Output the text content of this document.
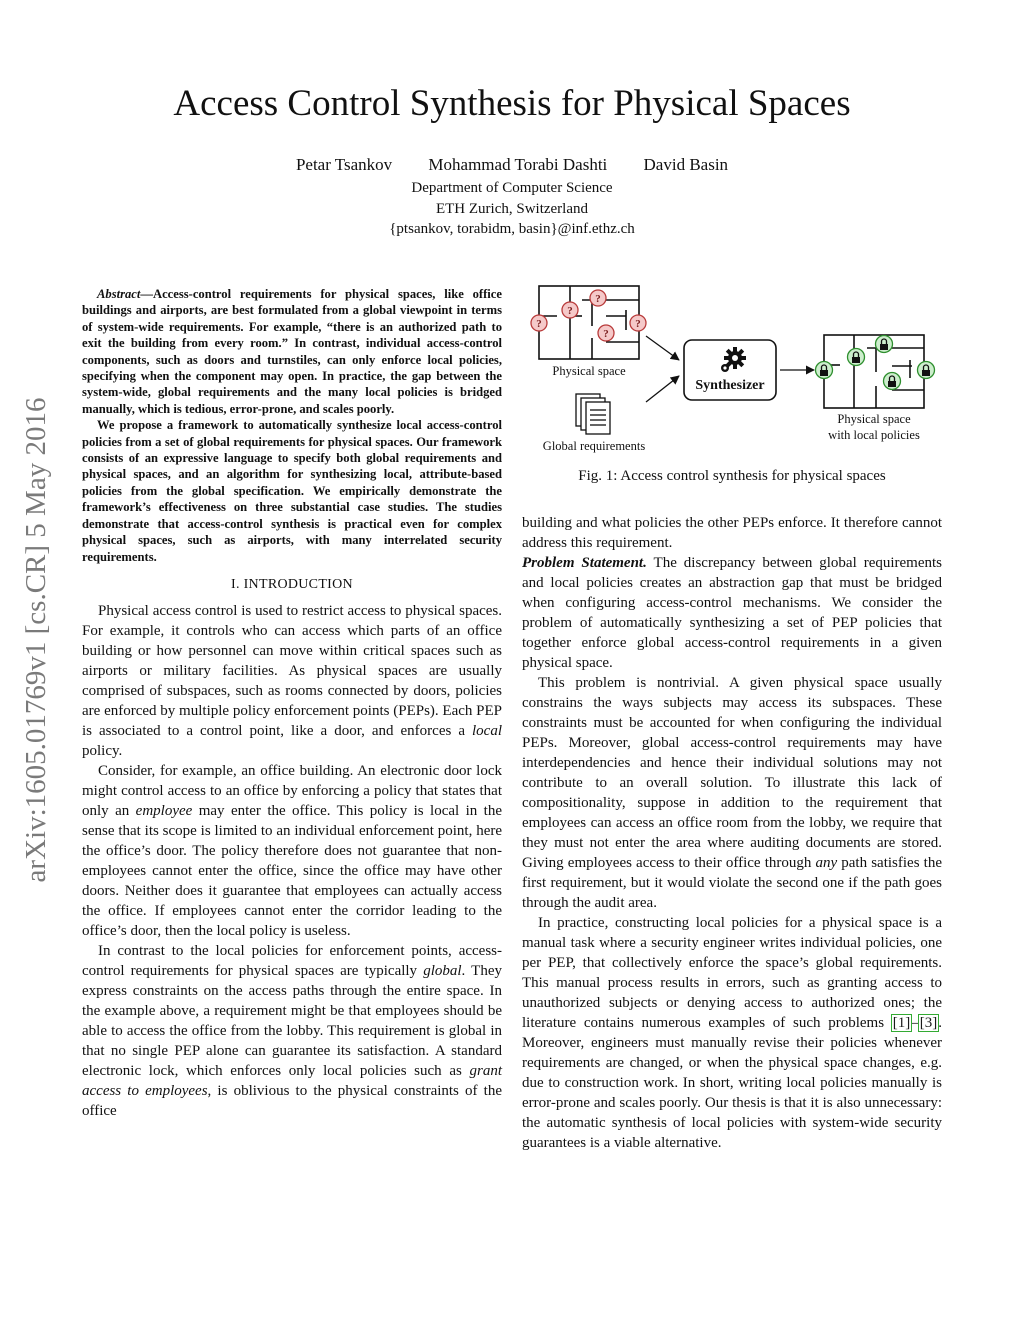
arXiv:1605.01769v1 [cs.CR] 5 May 2016
Access Control Synthesis for Physical Spaces
Petar Tsankov Mohammad Torabi Dashti David Basin
Department of Computer Science
ETH Zurich, Switzerland
{ptsankov, torabidm, basin}@inf.ethz.ch

Abstract—Access-control requirements for physical spaces, like office buildings and airports, are best formulated from a global viewpoint in terms of system-wide requirements. For example, “there is an authorized path to exit the building from every room.” In contrast, individual access-control components, such as doors and turnstiles, can only enforce local policies, specifying when the component may open. In practice, the gap between the system-wide, global requirements and the many local policies is bridged manually, which is tedious, error-prone, and scales poorly.

We propose a framework to automatically synthesize local access-control policies from a set of global requirements for physical spaces. Our framework consists of an expressive language to specify both global requirements and physical spaces, and an algorithm for synthesizing local, attribute-based policies from the global specification. We empirically demonstrate the framework’s effectiveness on three substantial case studies. The studies demonstrate that access-control synthesis is practical even for complex physical spaces, such as airports, with many interrelated security requirements.

I. INTRODUCTION

Physical access control is used to restrict access to physical spaces. For example, it controls who can access which parts of an office building or how personnel can move within critical spaces such as airports or military facilities. As physical spaces are usually comprised of subspaces, such as rooms connected by doors, policies are enforced by multiple policy enforcement points (PEPs). Each PEP is associated to a control point, like a door, and enforces a local policy.

Consider, for example, an office building. An electronic door lock might control access to an office by enforcing a policy that states that only an employee may enter the office. This policy is local in the sense that its scope is limited to an individual enforcement point, here the office’s door. The policy therefore does not guarantee that non-employees cannot enter the office, since the office may have other doors. Neither does it guarantee that employees can actually access the office. If employees cannot enter the corridor leading to the office’s door, then the local policy is useless.

In contrast to the local policies for enforcement points, access-control requirements for physical spaces are typically global. They express constraints on the access paths through the entire space. In the example above, a requirement might be that employees should be able to access the office from the lobby. This requirement is global in that no single PEP alone can guarantee its satisfaction. A standard electronic lock, which enforces only local policies such as grant access to employees, is oblivious to the physical constraints of the office

?
?
?	?
?
Physical space
Global requirements
Synthesizer
Physical space
with local policies
Fig. 1: Access control synthesis for physical spaces

building and what policies the other PEPs enforce. It therefore cannot address this requirement.

Problem Statement. The discrepancy between global requirements and local policies creates an abstraction gap that must be bridged when configuring access-control mechanisms. We consider the problem of automatically synthesizing a set of PEP policies that together enforce global access-control requirements in a given physical space.

This problem is nontrivial. A given physical space usually constrains the ways subjects may access its subspaces. These constraints must be accounted for when configuring the individual PEPs. Moreover, global access-control requirements may have interdependencies and hence their individual solutions may not contribute to an overall solution. To illustrate this lack of compositionality, suppose in addition to the requirement that employees can access an office room from the lobby, we require that they must not enter the area where auditing documents are stored. Giving employees access to their office through any path satisfies the first requirement, but it would violate the second one if the path goes through the audit area.

In practice, constructing local policies for a physical space is a manual task where a security engineer writes individual policies, one per PEP, that collectively enforce the space’s global requirements. This manual process results in errors, such as granting access to unauthorized subjects or denying access to authorized ones; the literature contains numerous examples of such problems [1]–[3]. Moreover, engineers must manually revise their policies whenever requirements are changed, or when the physical space changes, e.g. due to construction work. In short, writing local policies manually is error-prone and scales poorly. Our thesis is that it is also unnecessary: the automatic synthesis of local policies with system-wide security guarantees is a viable alternative.
